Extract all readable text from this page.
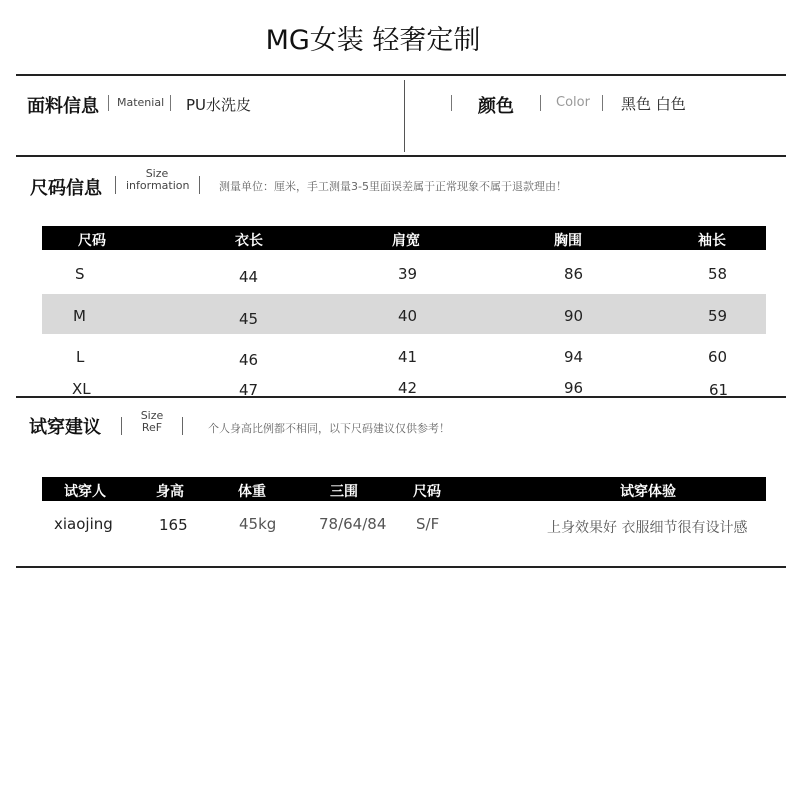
MG女装 轻奢定制
面料信息 Matenial PU水洗皮	颜色	Color 黑色 白色
尺码信息
Size
information	测量单位：厘米，手工测量3-5里面误差属于正常现象不属于退款理由！
尺码	衣长	肩宽	胸围	袖长
S	44	39	86	58
M	45	40	90	59
L	46	41	94	60
XL	47	42	96	61
试穿建议
Size
ReF	个人身高比例都不相同，以下尺码建议仅供参考！
试穿人	身高	体重	三围	尺码	试穿体验
xiaojing	165	45kg	78/64/84 S/F	上身效果好 衣服细节很有设计感
